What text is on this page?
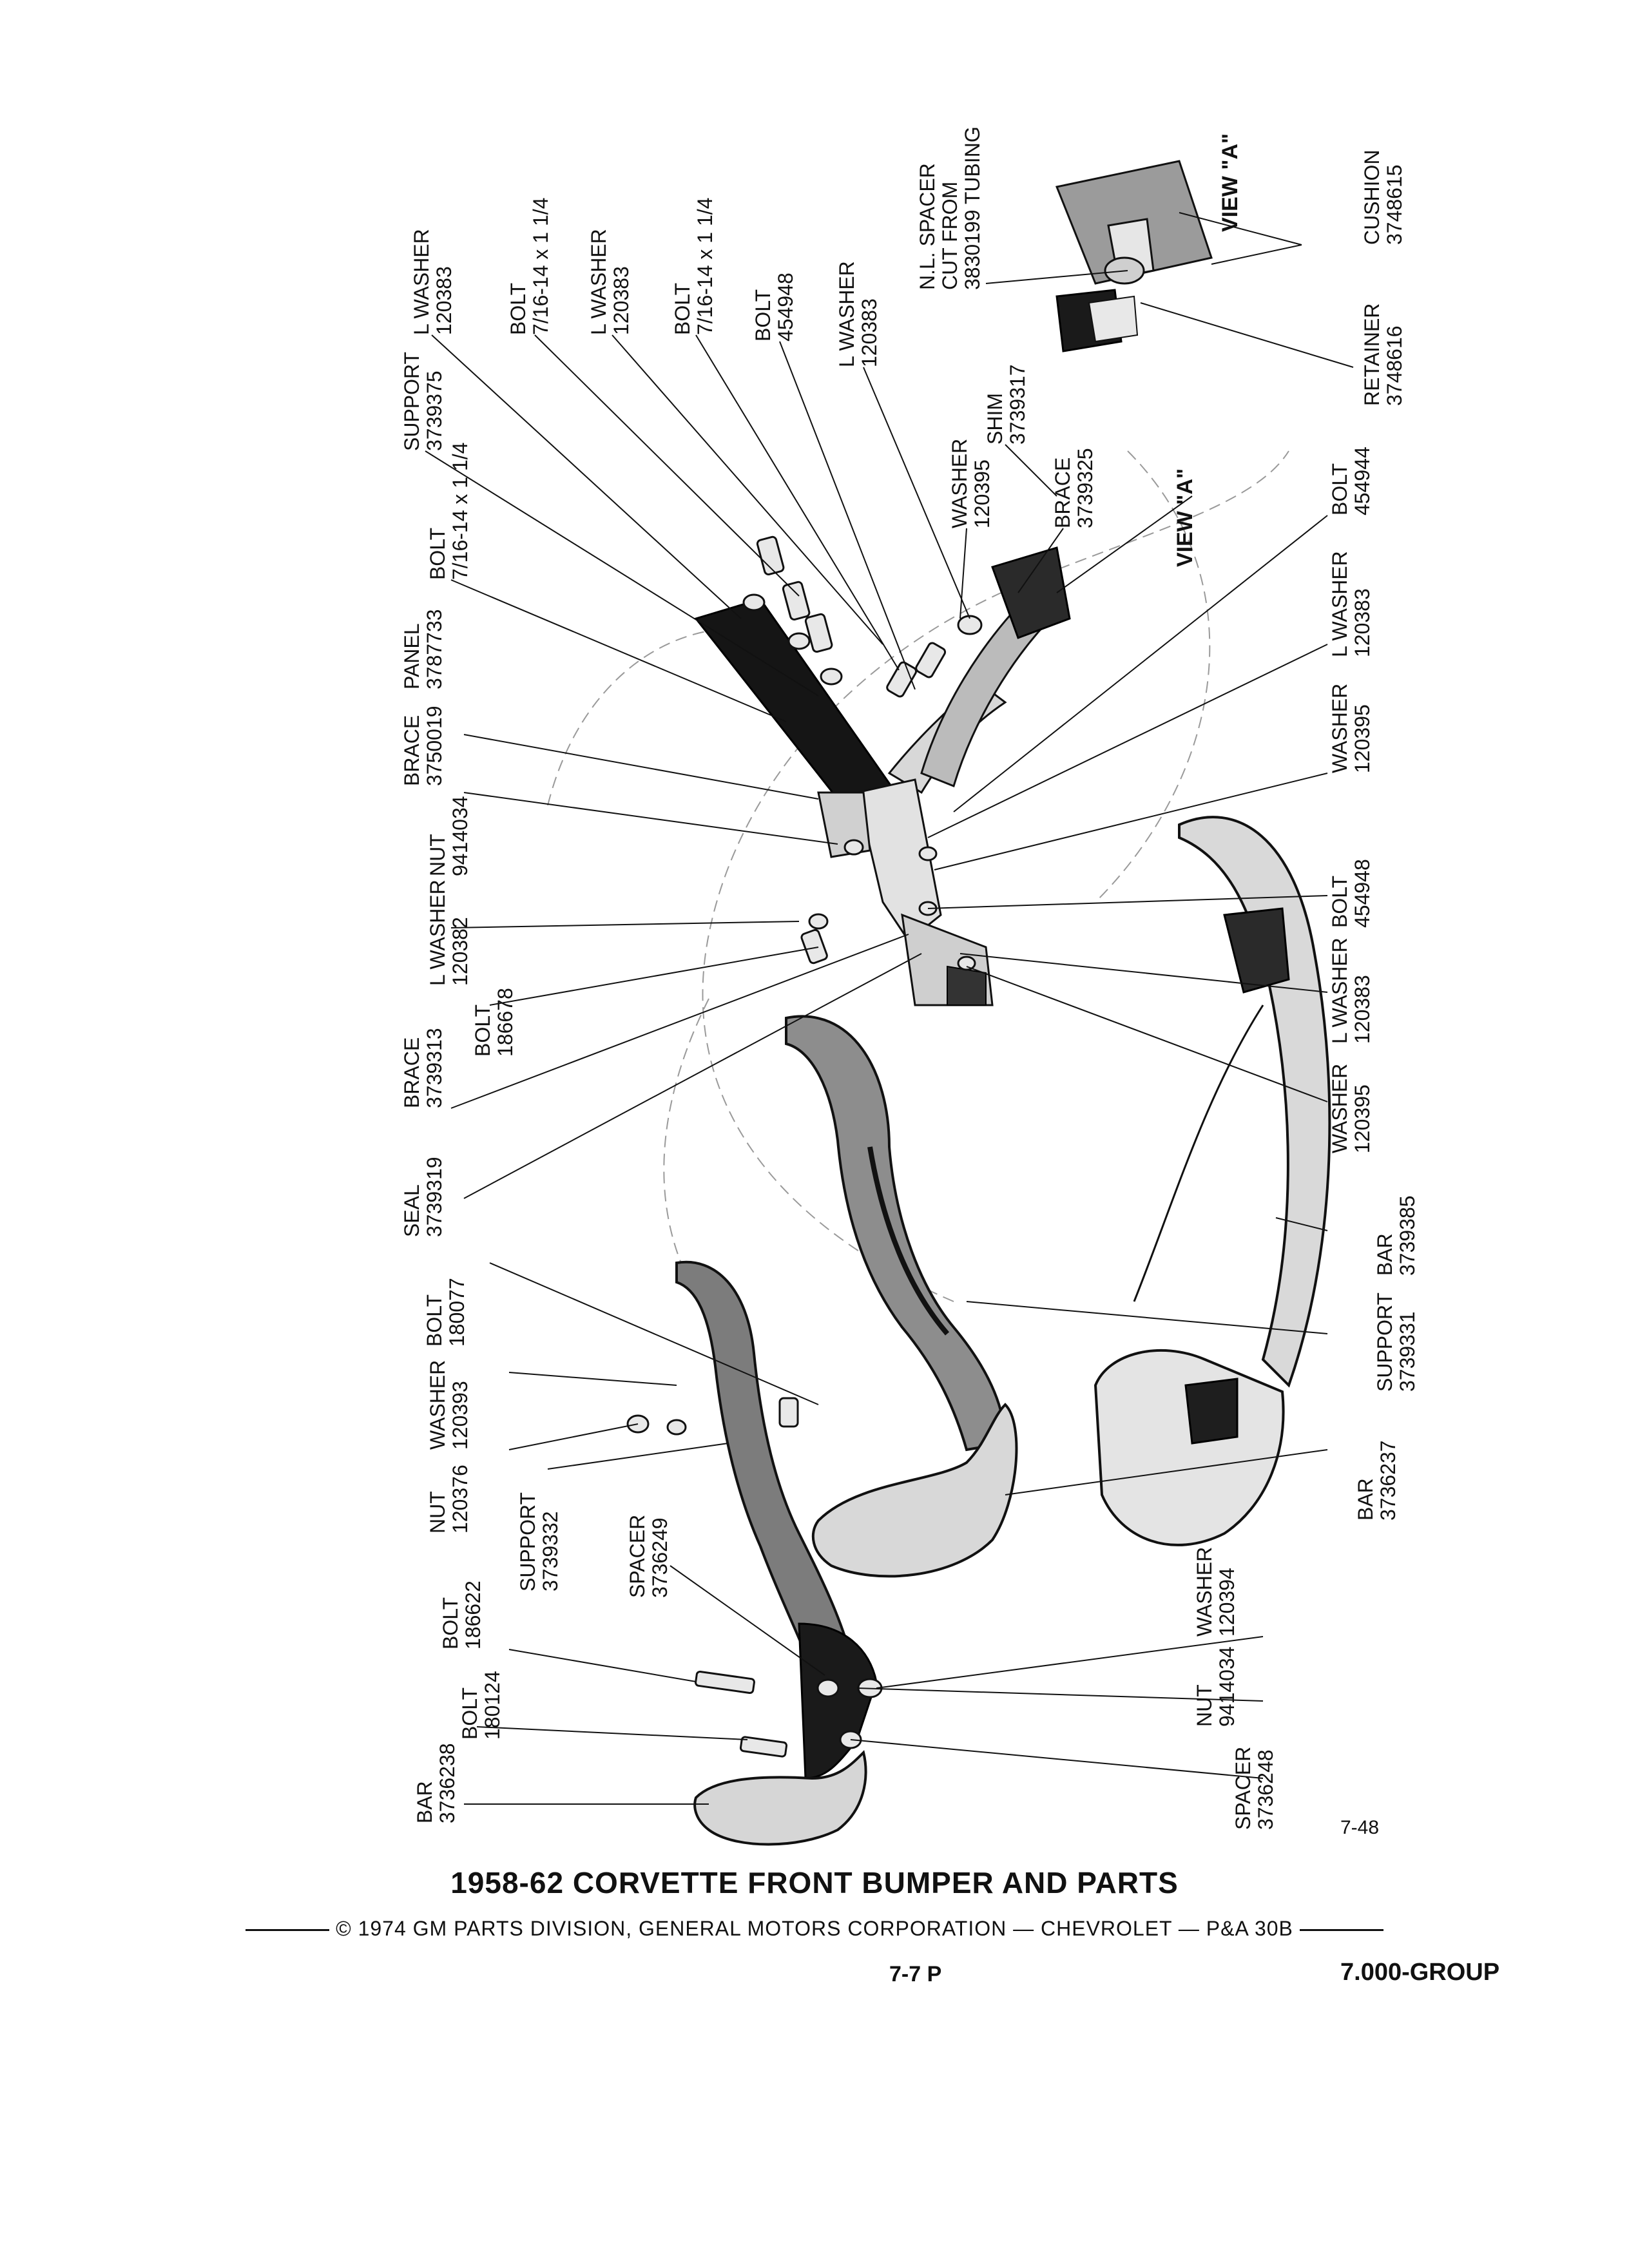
L WASHER 120383 BOLT 7/16-14 x 1 1/4 L WASHER 120383 BOLT 7/16-14 x 1 1/4 BOLT 454948 L WASHER 120383
N.L. SPACER CUT FROM 3830199 TUBING	CUSHION 3748615
RETAINER 3748616
SHIM 3739317
SUPPORT 3739375
BOLT 7/16-14 x 1 1/4
PANEL 3787733
WASHER 120395	BRACE 3739325	BOLT 454944
BRACE 3750019
L WASHER 120383
NUT 9414034
WASHER 120395
L WASHER 120382
BOLT 454948
BOLT 186678	L WASHER 120383
BRACE 3739313	WASHER 120395
SEAL 3739319
SUPPORT 3739331
BAR 3739385
BOLT 180077
WASHER 120393
NUT 120376 SUPPORT 3739332
BAR 3736237
SPACER 3736249	WASHER 120394
BOLT 186622
NUT 9414034
BOLT 180124
BAR 3736238	SPACER 3736248
VIEW "A"
VIEW "A"
7-48
1958-62 CORVETTE FRONT BUMPER AND PARTS
© 1974 GM PARTS DIVISION, GENERAL MOTORS CORPORATION — CHEVROLET — P&A 30B
7-7 P	7.000-GROUP
